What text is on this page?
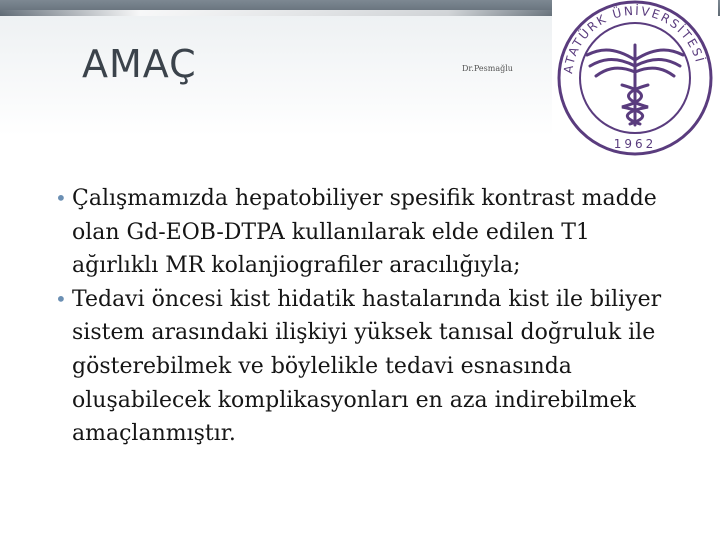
AMAÇ	Dr.Pesmağlu	ATATÜRK ÜNİVERSİTESİ
1962
• Çalışmamızda hepatobiliyer spesifik kontrast madde olan Gd-EOB-DTPA kullanılarak elde edilen T1 ağırlıklı MR kolanjiografiler aracılığıyla;
• Tedavi öncesi kist hidatik hastalarında kist ile biliyer sistem arasındaki ilişkiyi yüksek tanısal doğruluk ile gösterebilmek ve böylelikle tedavi esnasında oluşabilecek komplikasyonları en aza indirebilmek amaçlanmıştır.
